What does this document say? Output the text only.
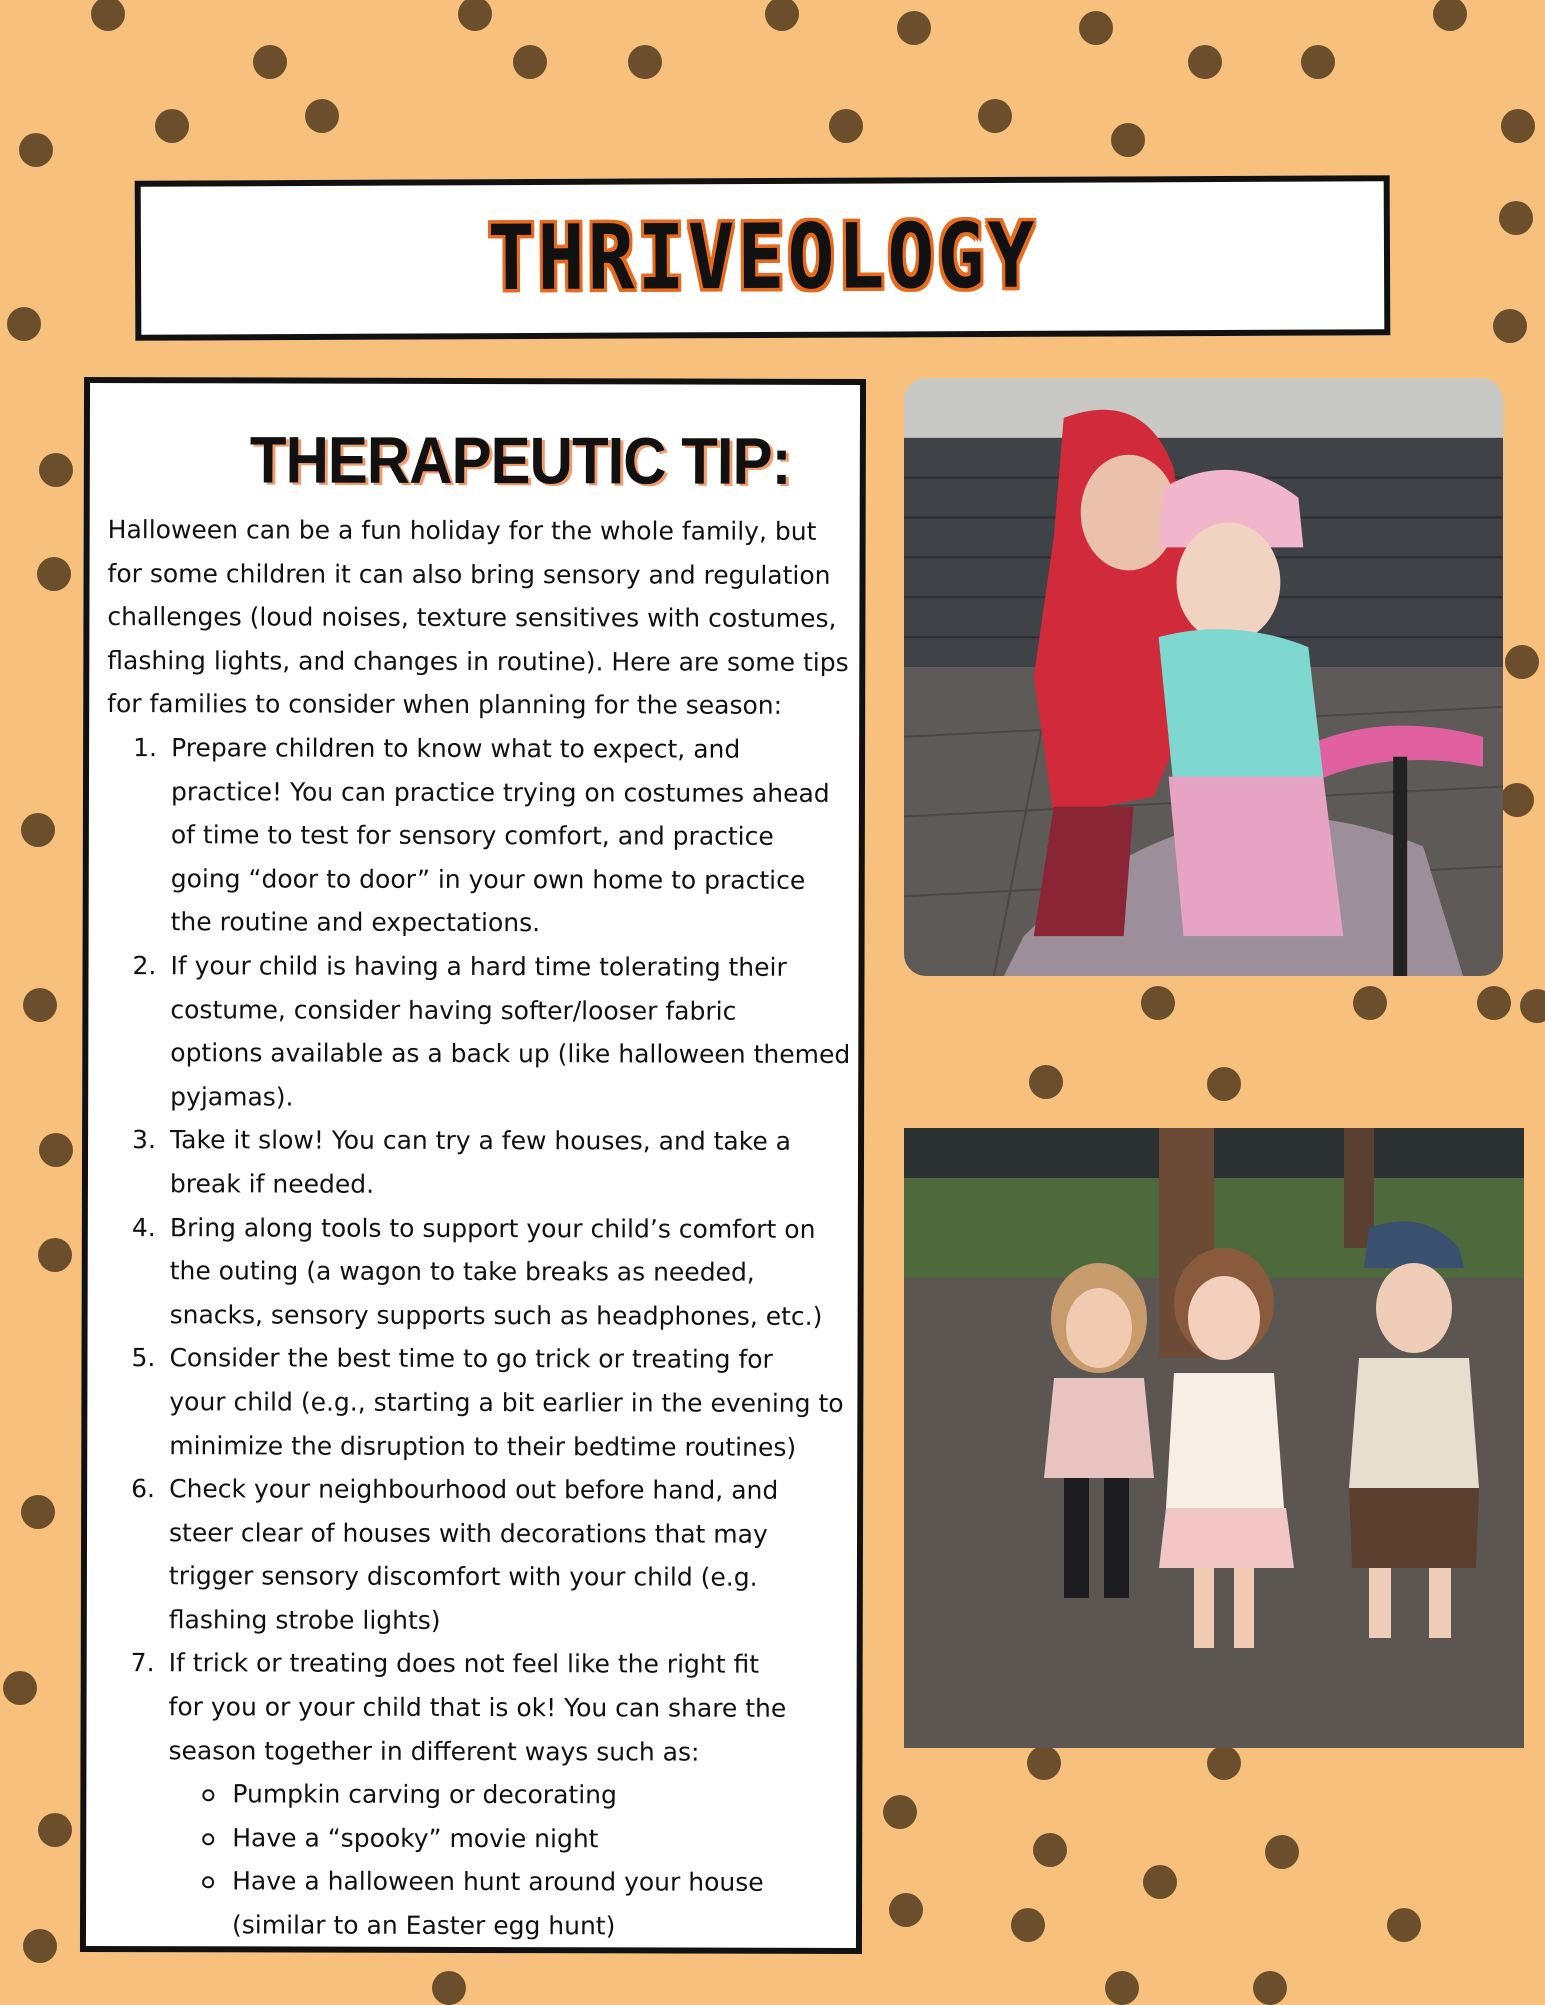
THRIVEOLOGY
THERAPEUTIC TIP:

Halloween can be a fun holiday for the whole family, but
for some children it can also bring sensory and regulation
challenges (loud noises, texture sensitives with costumes,
flashing lights, and changes in routine). Here are some tips
for families to consider when planning for the season:

1. Prepare children to know what to expect, and
practice! You can practice trying on costumes ahead
of time to test for sensory comfort, and practice
going “door to door” in your own home to practice
the routine and expectations.
2. If your child is having a hard time tolerating their
costume, consider having softer/looser fabric
options available as a back up (like halloween themed
pyjamas).
3. Take it slow! You can try a few houses, and take a
break if needed.
4. Bring along tools to support your child’s comfort on
the outing (a wagon to take breaks as needed,
snacks, sensory supports such as headphones, etc.)
5. Consider the best time to go trick or treating for
your child (e.g., starting a bit earlier in the evening to
minimize the disruption to their bedtime routines)
6. Check your neighbourhood out before hand, and
steer clear of houses with decorations that may
trigger sensory discomfort with your child (e.g.
flashing strobe lights)
7. If trick or treating does not feel like the right fit
for you or your child that is ok! You can share the
season together in different ways such as:
Pumpkin carving or decorating
Have a “spooky” movie night
Have a halloween hunt around your house
(similar to an Easter egg hunt)
